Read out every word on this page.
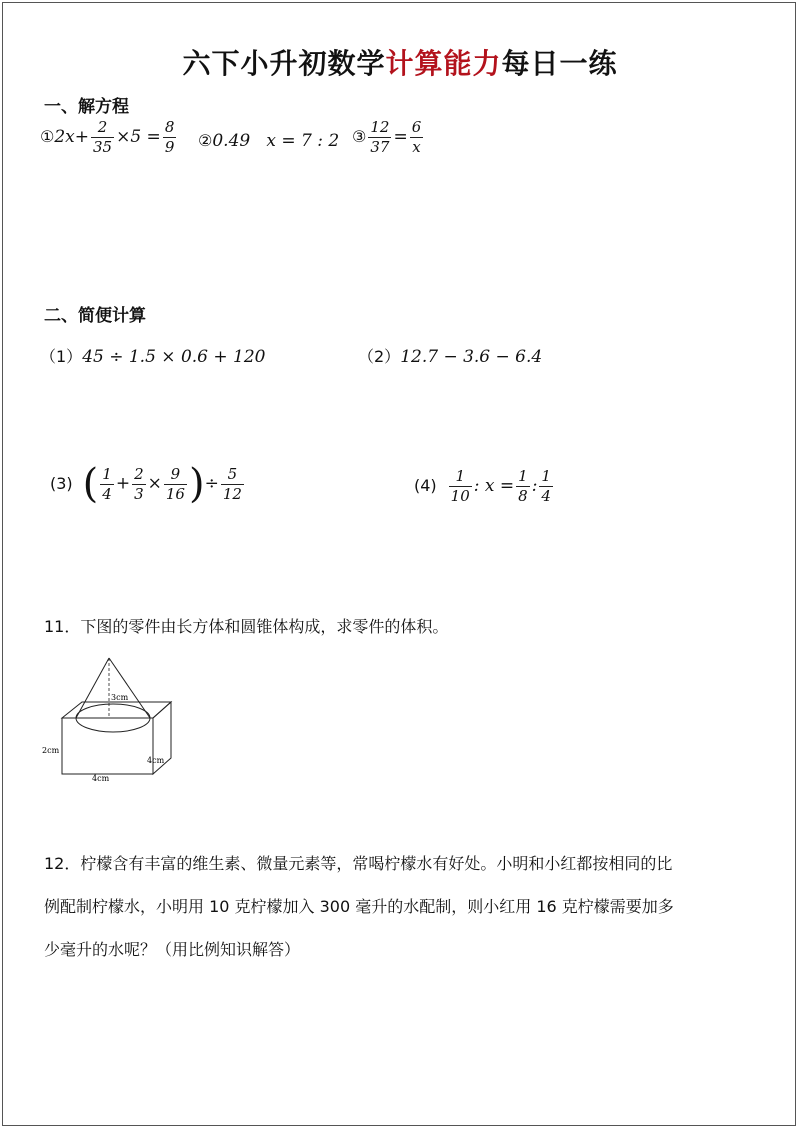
六下小升初数学计算能力每日一练
一、解方程
①2x+ $\frac{2}{35} \times 5 = \frac{8}{9}$ ②0.49   x = 7 : 2 ③ $\frac{12}{37} = \frac{6}{x}$
二、简便计算
（1）45 ÷ 1.5 × 0.6 + 120	（2）12.7 − 3.6 − 6.4
(3) ( $\frac{1}{4} + \frac{2}{3} \times \frac{9}{16}$ )÷ $\frac{5}{12}$	$(4) \frac{1}{10}$ : $x = \frac{1}{8}$ : $\frac{1}{4}$
11．下图的零件由长方体和圆锥体构成，求零件的体积。
3cm
2cm
4cm
4cm

12．柠檬含有丰富的维生素、微量元素等，常喝柠檬水有好处。小明和小红都按相同的比

例配制柠檬水，小明用 10 克柠檬加入 300 毫升的水配制，则小红用 16 克柠檬需要加多

少毫升的水呢？（用比例知识解答）
